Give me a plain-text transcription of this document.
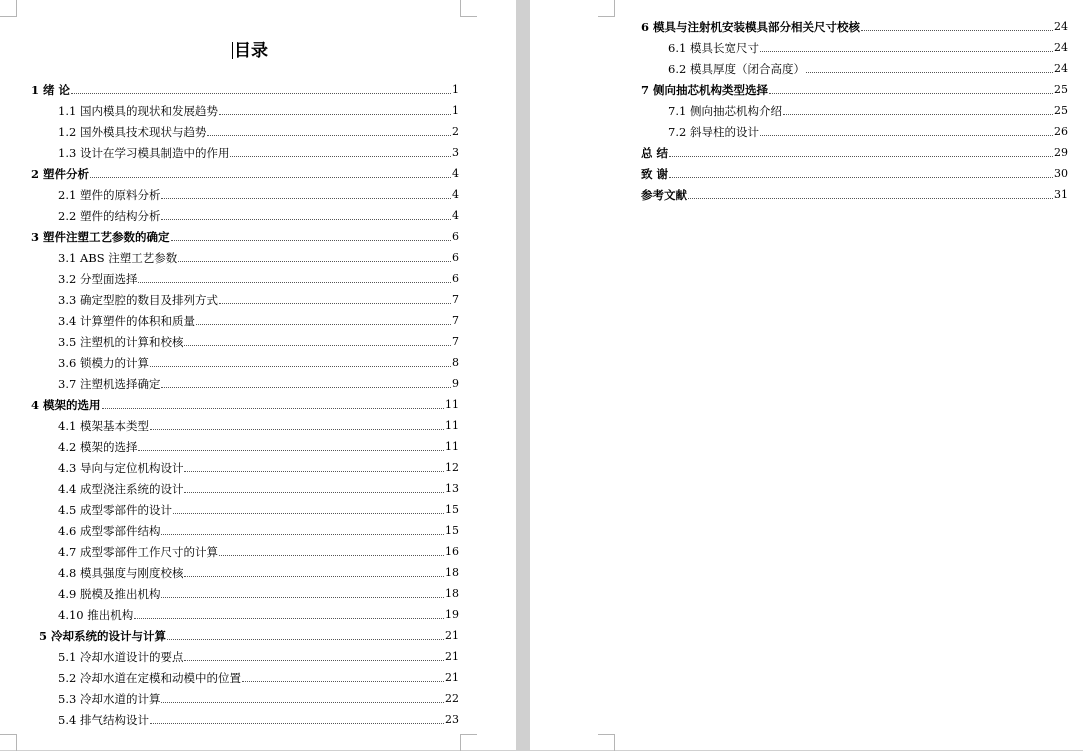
目录
1 绪 论	1
1.1 国内模具的现状和发展趋势	1
1.2 国外模具技术现状与趋势	2
1.3 设计在学习模具制造中的作用	3
2 塑件分析	4
2.1 塑件的原料分析	4
2.2 塑件的结构分析	4
3 塑件注塑工艺参数的确定	6
3.1 ABS 注塑工艺参数	6
3.2 分型面选择	6
3.3 确定型腔的数目及排列方式	7
3.4 计算塑件的体积和质量	7
3.5 注塑机的计算和校核	7
3.6 锁模力的计算	8
3.7 注塑机选择确定	9
4 模架的选用	11
4.1 模架基本类型	11
4.2 模架的选择	11
4.3 导向与定位机构设计	12
4.4 成型浇注系统的设计	13
4.5 成型零部件的设计	15
4.6 成型零部件结构	15
4.7 成型零部件工作尺寸的计算	16
4.8 模具强度与刚度校核	18
4.9 脱模及推出机构	18
4.10 推出机构	19
5 冷却系统的设计与计算	21
5.1 冷却水道设计的要点	21
5.2 冷却水道在定模和动模中的位置	21
5.3 冷却水道的计算	22
5.4 排气结构设计	23
6 模具与注射机安装模具部分相关尺寸校核	24
6.1 模具长宽尺寸	24
6.2 模具厚度（闭合高度）	24
7 侧向抽芯机构类型选择	25
7.1 侧向抽芯机构介绍	25
7.2 斜导柱的设计	26
总 结	29
致 谢	30
参考文献	31
